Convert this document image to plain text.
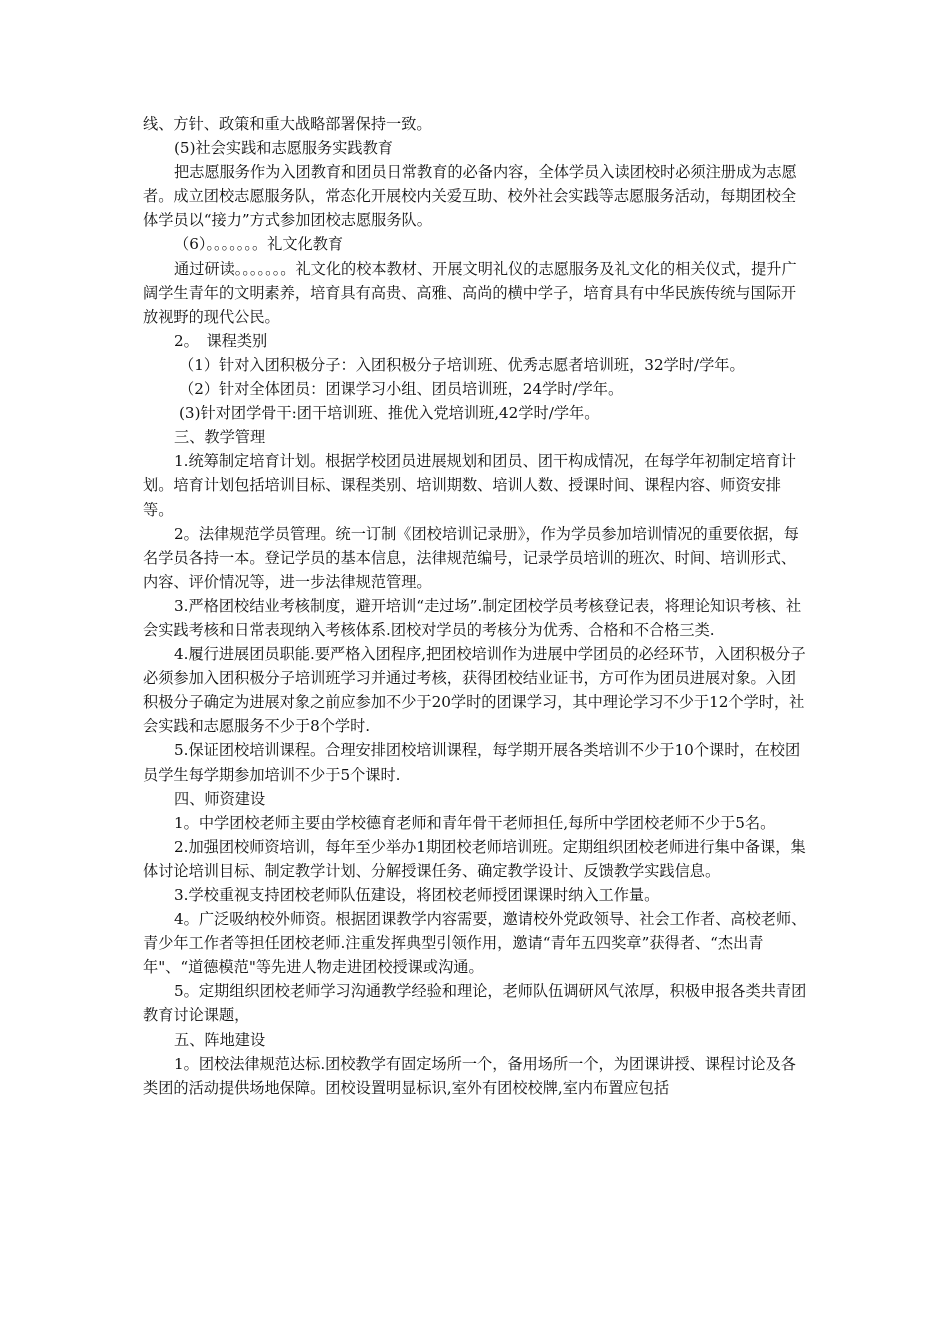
线、方针、政策和重大战略部署保持一致。

(5)社会实践和志愿服务实践教育

把志愿服务作为入团教育和团员日常教育的必备内容，全体学员入读团校时必须注册成为志愿者。成立团校志愿服务队，常态化开展校内关爱互助、校外社会实践等志愿服务活动，每期团校全体学员以“接力”方式参加团校志愿服务队。

（6）。。。。。。。礼文化教育

通过研读。。。。。。。礼文化的校本教材、开展文明礼仪的志愿服务及礼文化的相关仪式，提升广阔学生青年的文明素养，培育具有高贵、高雅、高尚的横中学子，培育具有中华民族传统与国际开放视野的现代公民。

2。　课程类别

（1）针对入团积极分子：入团积极分子培训班、优秀志愿者培训班，32学时/学年。

（2）针对全体团员：团课学习小组、团员培训班，24学时/学年。

(3)针对团学骨干:团干培训班、推优入党培训班,42学时/学年。

三、教学管理

1.统筹制定培育计划。根据学校团员进展规划和团员、团干构成情况，在每学年初制定培育计划。培育计划包括培训目标、课程类别、培训期数、培训人数、授课时间、课程内容、师资安排等。

2。法律规范学员管理。统一订制《团校培训记录册》，作为学员参加培训情况的重要依据，每名学员各持一本。登记学员的基本信息，法律规范编号，记录学员培训的班次、时间、培训形式、内容、评价情况等，进一步法律规范管理。

3.严格团校结业考核制度，避开培训“走过场”.制定团校学员考核登记表，将理论知识考核、社会实践考核和日常表现纳入考核体系.团校对学员的考核分为优秀、合格和不合格三类.

4.履行进展团员职能.要严格入团程序,把团校培训作为进展中学团员的必经环节，入团积极分子必须参加入团积极分子培训班学习并通过考核，获得团校结业证书，方可作为团员进展对象。入团积极分子确定为进展对象之前应参加不少于20学时的团课学习，其中理论学习不少于12个学时，社会实践和志愿服务不少于8个学时.

5.保证团校培训课程。合理安排团校培训课程，每学期开展各类培训不少于10个课时，在校团员学生每学期参加培训不少于5个课时.

四、师资建设

1。中学团校老师主要由学校德育老师和青年骨干老师担任,每所中学团校老师不少于5名。

2.加强团校师资培训，每年至少举办1期团校老师培训班。定期组织团校老师进行集中备课，集体讨论培训目标、制定教学计划、分解授课任务、确定教学设计、反馈教学实践信息。

3.学校重视支持团校老师队伍建设，将团校老师授团课课时纳入工作量。

4。广泛吸纳校外师资。根据团课教学内容需要，邀请校外党政领导、社会工作者、高校老师、青少年工作者等担任团校老师.注重发挥典型引领作用，邀请“青年五四奖章”获得者、“杰出青年"、“道德模范"等先进人物走进团校授课或沟通。

5。定期组织团校老师学习沟通教学经验和理论，老师队伍调研风气浓厚，积极申报各类共青团教育讨论课题，

五、阵地建设

1。团校法律规范达标.团校教学有固定场所一个，备用场所一个，为团课讲授、课程讨论及各类团的活动提供场地保障。团校设置明显标识,室外有团校校牌,室内布置应包括
